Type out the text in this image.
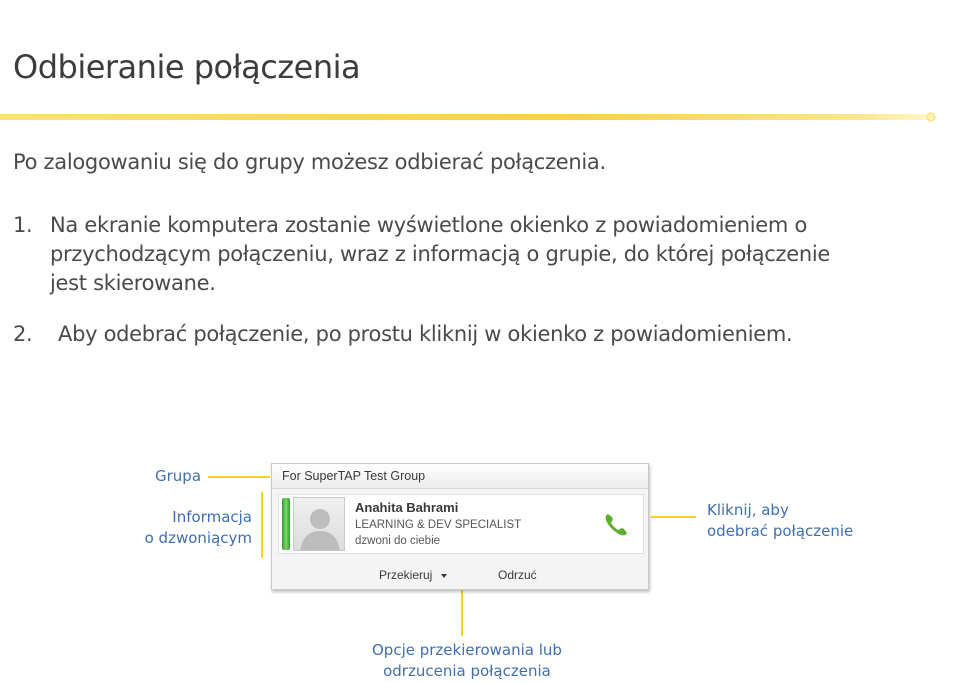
Odbieranie połączenia

Po zalogowaniu się do grupy możesz odbierać połączenia.

1. Na ekranie komputera zostanie wyświetlone okienko z powiadomieniem o przychodzącym połączeniu, wraz z informacją o grupie, do której połączenie jest skierowane.

2. Aby odebrać połączenie, po prostu kliknij w okienko z powiadomieniem.

Grupa
Informacja
o dzwoniącym
Kliknij, aby
odebrać połączenie
Opcje przekierowania lub
odrzucenia połączenia
For SuperTAP Test Group
Anahita Bahrami
LEARNING & DEV SPECIALIST
dzwoni do ciebie
Przekieruj	Odrzuć
